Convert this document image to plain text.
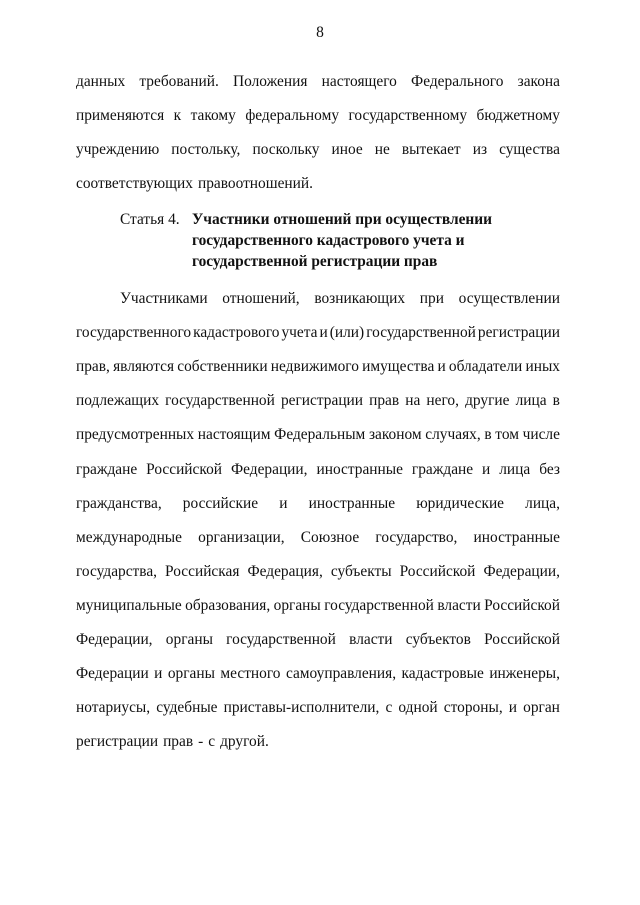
8
данных требований. Положения настоящего Федерального закона
применяются к такому федеральному государственному бюджетному
учреждению постольку, поскольку иное не вытекает из существа
соответствующих правоотношений.
Статья 4. Участники отношений при осуществлении
государственного кадастрового учета и
государственной регистрации прав
Участниками отношений, возникающих при осуществлении
государственного кадастрового учета и (или) государственной регистрации
прав, являются собственники недвижимого имущества и обладатели иных
подлежащих государственной регистрации прав на него, другие лица в
предусмотренных настоящим Федеральным законом случаях, в том числе
граждане Российской Федерации, иностранные граждане и лица без
гражданства, российские и иностранные юридические лица,
международные организации, Союзное государство, иностранные
государства, Российская Федерация, субъекты Российской Федерации,
муниципальные образования, органы государственной власти Российской
Федерации, органы государственной власти субъектов Российской
Федерации и органы местного самоуправления, кадастровые инженеры,
нотариусы, судебные приставы-исполнители, с одной стороны, и орган
регистрации прав - с другой.
